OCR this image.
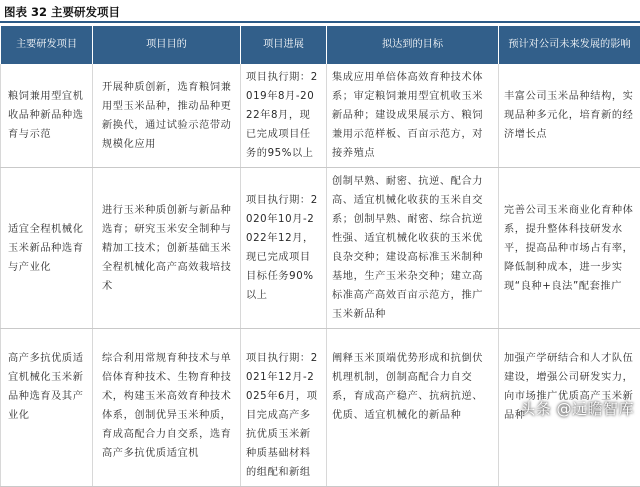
图表 32 主要研发项目
主要研发项目	项目目的	项目进展	拟达到的目标	预计对公司未来发展的影响
粮饲兼用型宜机收品种新品种选育与示范	开展种质创新，选育粮饲兼用型玉米品种，推动品种更新换代，通过试验示范带动规模化应用	项目执行期：2019年8月-2022年8月，现已完成项目任务的95%以上	集成应用单倍体高效育种技术体系；审定粮饲兼用型宜机收玉米新品种；建设成果展示方、粮饲兼用示范样板、百亩示范方，对接养殖点	丰富公司玉米品种结构，实现品种多元化，培育新的经济增长点
适宜全程机械化玉米新品种选育与产业化	进行玉米种质创新与新品种选育；研究玉米安全制种与精加工技术；创新基础玉米全程机械化高产高效栽培技术	项目执行期：2020年10月-2022年12月，现已完成项目目标任务90%以上	创制早熟、耐密、抗逆、配合力高、适宜机械化收获的玉米自交系；创制早熟、耐密、综合抗逆性强、适宜机械化收获的玉米优良杂交种；建设高标准玉米制种基地，生产玉米杂交种；建立高标准高产高效百亩示范方，推广玉米新品种	完善公司玉米商业化育种体系，提升整体科技研发水平，提高品种市场占有率，降低制种成本，进一步实现“良种+良法”配套推广
高产多抗优质适宜机械化玉米新品种选育及其产业化	综合利用常规育种技术与单倍体育种技术、生物育种技术，构建玉米高效育种技术体系，创制优异玉米种质，育成高配合力自交系，选育高产多抗优质适宜机	项目执行期：2021年12月-2025年6月，项目完成高产多抗优质玉米新种质基础材料的组配和新组	阐释玉米顶端优势形成和抗倒伏机理机制，创制高配合力自交系，育成高产稳产、抗病抗逆、优质、适宜机械化的新品种	加强产学研结合和人才队伍建设，增强公司研发实力，向市场推广优质高产玉米新品种
头条 @远瞻智库
